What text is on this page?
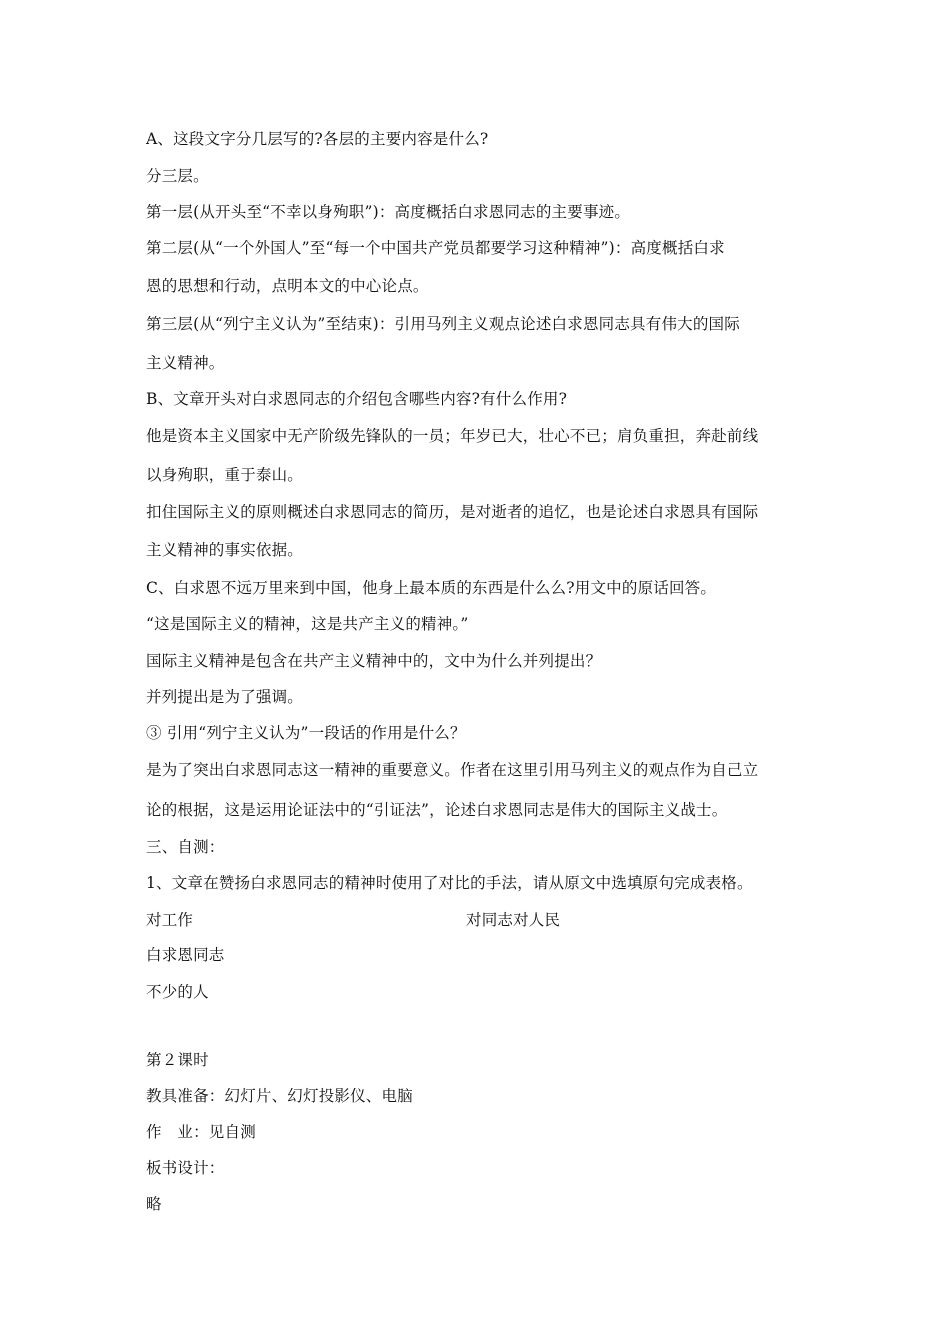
A、这段文字分几层写的?各层的主要内容是什么?
分三层。
第一层(从开头至“不幸以身殉职”)：高度概括白求恩同志的主要事迹。
第二层(从“一个外国人”至“每一个中国共产党员都要学习这种精神”)：高度概括白求
恩的思想和行动，点明本文的中心论点。
第三层(从“列宁主义认为”至结束)：引用马列主义观点论述白求恩同志具有伟大的国际
主义精神。
B、文章开头对白求恩同志的介绍包含哪些内容?有什么作用?
他是资本主义国家中无产阶级先锋队的一员；年岁已大，壮心不已；肩负重担，奔赴前线
以身殉职，重于泰山。
扣住国际主义的原则概述白求恩同志的简历，是对逝者的追忆，也是论述白求恩具有国际
主义精神的事实依据。
C、白求恩不远万里来到中国，他身上最本质的东西是什么么?用文中的原话回答。
“这是国际主义的精神，这是共产主义的精神。”
国际主义精神是包含在共产主义精神中的，文中为什么并列提出？
并列提出是为了强调。
③ 引用“列宁主义认为”一段话的作用是什么？
是为了突出白求恩同志这一精神的重要意义。作者在这里引用马列主义的观点作为自己立
论的根据，这是运用论证法中的“引证法”，论述白求恩同志是伟大的国际主义战士。
三、自测：
1、文章在赞扬白求恩同志的精神时使用了对比的手法，请从原文中选填原句完成表格。
对工作	对同志对人民
白求恩同志
不少的人
第２课时
教具准备：幻灯片、幻灯投影仪、电脑
作　业：见自测
板书设计：
略
